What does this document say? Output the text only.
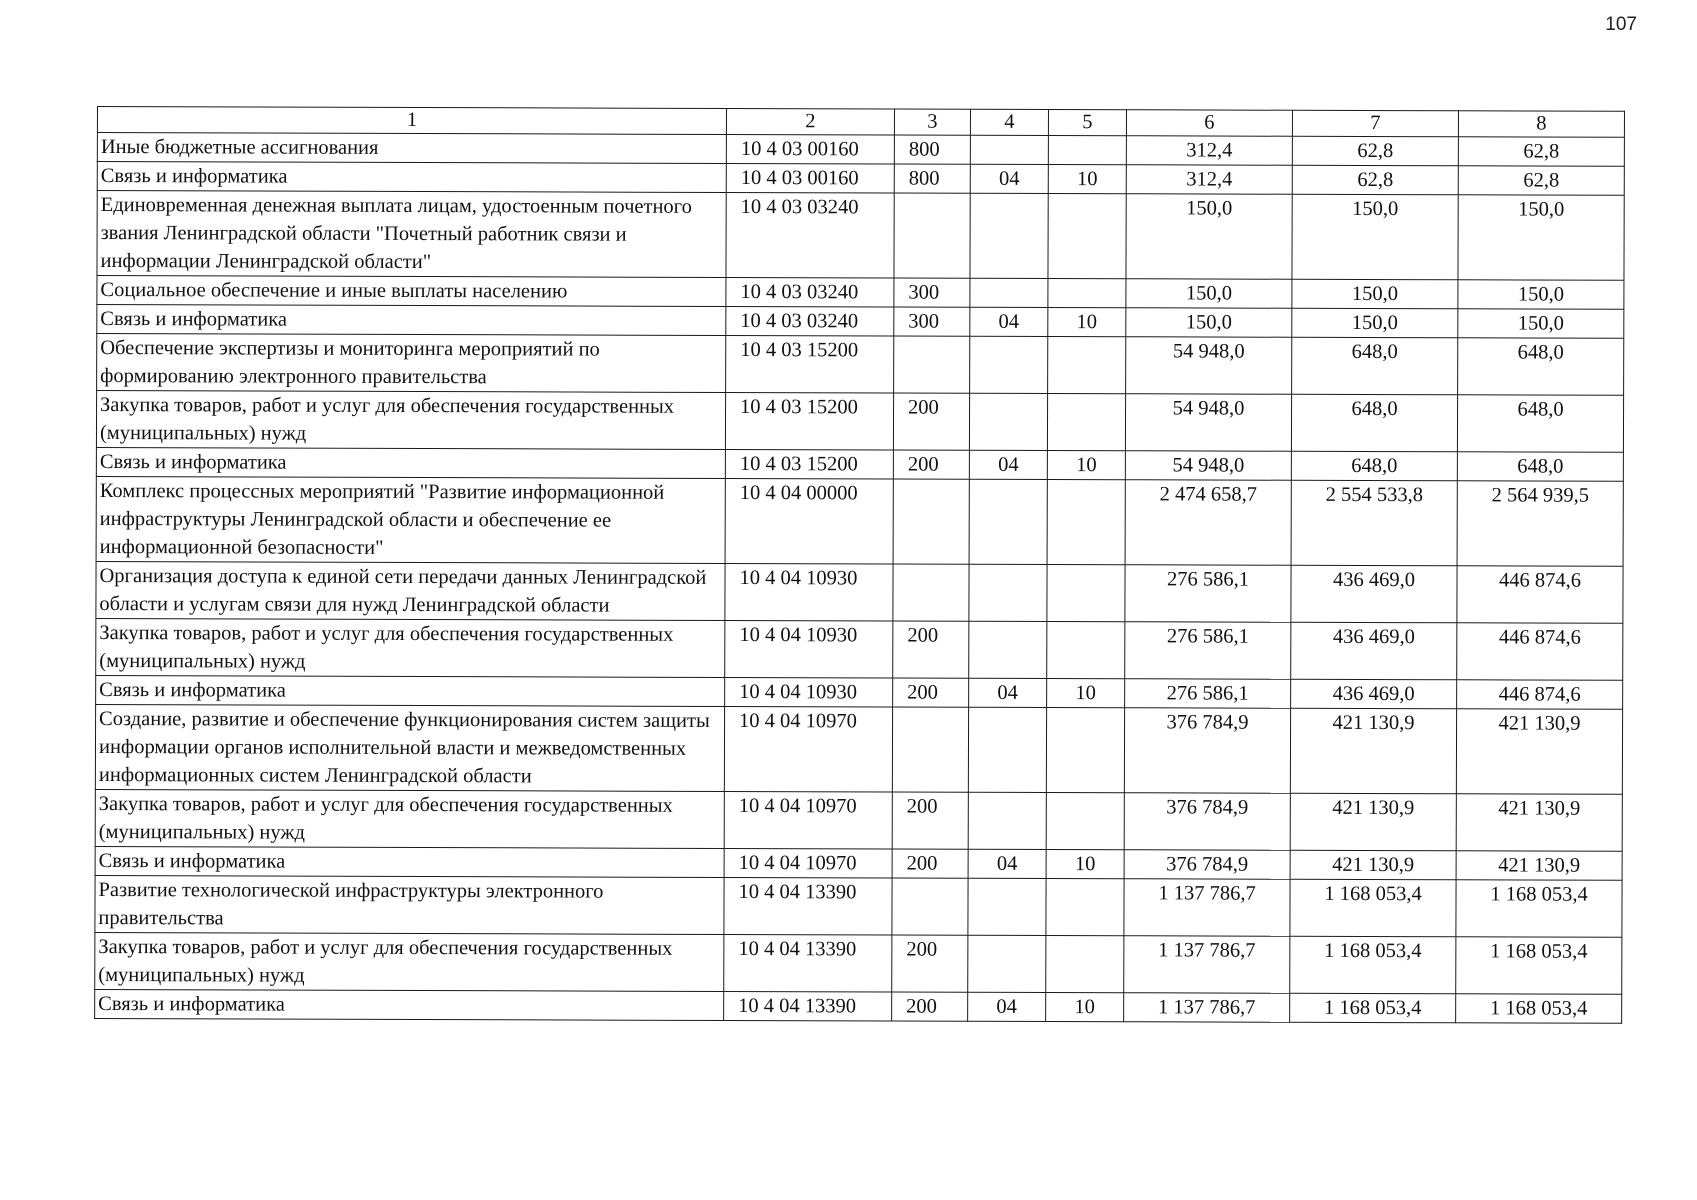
107
1	2	3	4	5	6	7	8
Иные бюджетные ассигнования	10 4 03 00160	800			312,4	62,8	62,8
Связь и информатика	10 4 03 00160	800	04	10	312,4	62,8	62,8
Единовременная денежная выплата лицам, удостоенным почетного звания Ленинградской области "Почетный работник связи и информации Ленинградской области"	10 4 03 03240				150,0	150,0	150,0
Социальное обеспечение и иные выплаты населению	10 4 03 03240	300			150,0	150,0	150,0
Связь и информатика	10 4 03 03240	300	04	10	150,0	150,0	150,0
Обеспечение экспертизы и мониторинга мероприятий по формированию электронного правительства	10 4 03 15200				54 948,0	648,0	648,0
Закупка товаров, работ и услуг для обеспечения государственных (муниципальных) нужд	10 4 03 15200	200			54 948,0	648,0	648,0
Связь и информатика	10 4 03 15200	200	04	10	54 948,0	648,0	648,0
Комплекс процессных мероприятий "Развитие информационной инфраструктуры Ленинградской области и обеспечение ее информационной безопасности"	10 4 04 00000				2 474 658,7	2 554 533,8	2 564 939,5
Организация доступа к единой сети передачи данных Ленинградской области и услугам связи для нужд Ленинградской области	10 4 04 10930				276 586,1	436 469,0	446 874,6
Закупка товаров, работ и услуг для обеспечения государственных (муниципальных) нужд	10 4 04 10930	200			276 586,1	436 469,0	446 874,6
Связь и информатика	10 4 04 10930	200	04	10	276 586,1	436 469,0	446 874,6
Создание, развитие и обеспечение функционирования систем защиты информации органов исполнительной власти и межведомственных информационных систем Ленинградской области	10 4 04 10970				376 784,9	421 130,9	421 130,9
Закупка товаров, работ и услуг для обеспечения государственных (муниципальных) нужд	10 4 04 10970	200			376 784,9	421 130,9	421 130,9
Связь и информатика	10 4 04 10970	200	04	10	376 784,9	421 130,9	421 130,9
Развитие технологической инфраструктуры электронного правительства	10 4 04 13390				1 137 786,7	1 168 053,4	1 168 053,4
Закупка товаров, работ и услуг для обеспечения государственных (муниципальных) нужд	10 4 04 13390	200			1 137 786,7	1 168 053,4	1 168 053,4
Связь и информатика	10 4 04 13390	200	04	10	1 137 786,7	1 168 053,4	1 168 053,4
